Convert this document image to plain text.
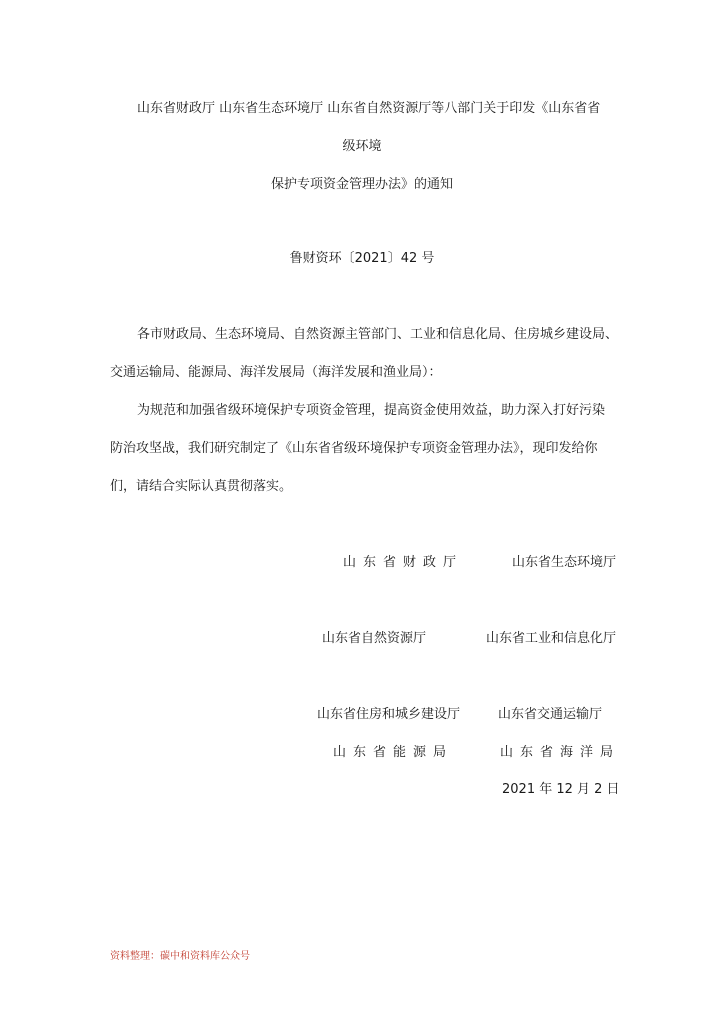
山东省财政厅 山东省生态环境厅 山东省自然资源厅等八部门关于印发《山东省省
级环境
保护专项资金管理办法》的通知
鲁财资环〔2021〕42 号
各市财政局、生态环境局、自然资源主管部门、工业和信息化局、住房城乡建设局、
交通运输局、能源局、海洋发展局（海洋发展和渔业局）：
为规范和加强省级环境保护专项资金管理，提高资金使用效益，助力深入打好污染
防治攻坚战，我们研究制定了《山东省省级环境保护专项资金管理办法》，现印发给你
们，请结合实际认真贯彻落实。
山东省财政厅	山东省生态环境厅
山东省自然资源厅	山东省工业和信息化厅
山东省住房和城乡建设厅	山东省交通运输厅
山东省能源局	山东省海洋局
2021 年 12 月 2 日
资料整理：碳中和资料库公众号
